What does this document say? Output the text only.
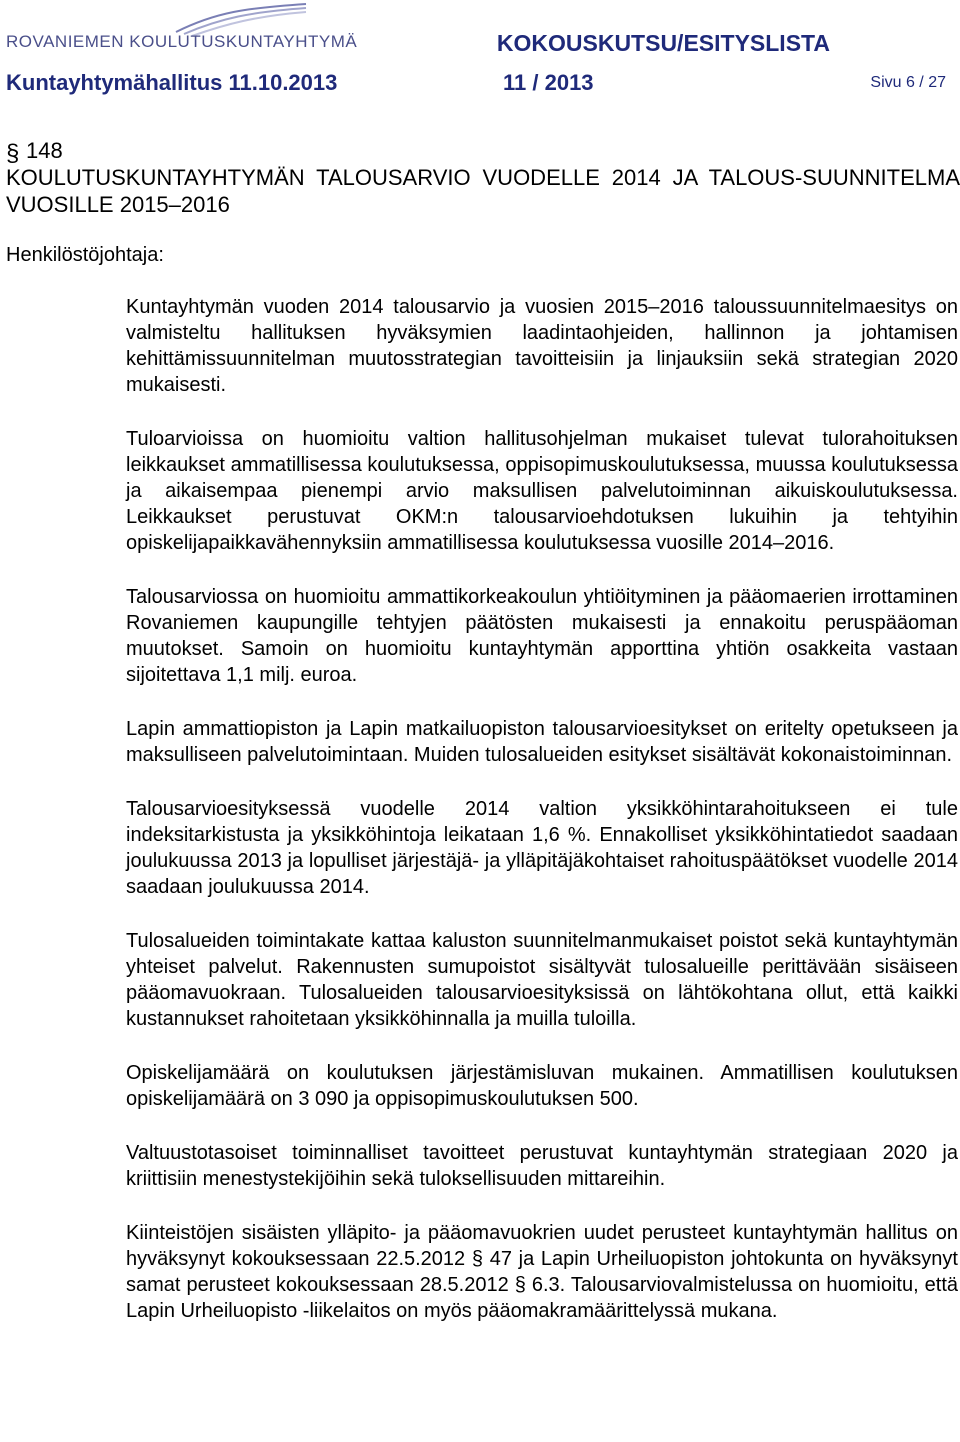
ROVANIEMEN KOULUTUSKUNTAYHTYMÄ	KOKOUSKUTSU/ESITYSLISTA
Kuntayhtymähallitus 11.10.2013	11 / 2013	Sivu 6 / 27
§ 148
KOULUTUSKUNTAYHTYMÄN TALOUSARVIO VUODELLE 2014 JA TALOUS-SUUNNITELMA VUOSILLE 2015–2016
Henkilöstöjohtaja:

Kuntayhtymän vuoden 2014 talousarvio ja vuosien 2015–2016 taloussuunnitelmaesitys on valmisteltu hallituksen hyväksymien laadintaohjeiden, hallinnon ja johtamisen kehittämissuunnitelman muutosstrategian tavoitteisiin ja linjauksiin sekä strategian 2020 mukaisesti.

Tuloarvioissa on huomioitu valtion hallitusohjelman mukaiset tulevat tulorahoituksen leikkaukset ammatillisessa koulutuksessa, oppisopimuskoulutuksessa, muussa koulutuksessa ja aikaisempaa pienempi arvio maksullisen palvelutoiminnan aikuiskoulutuksessa. Leikkaukset perustuvat OKM:n talousarvioehdotuksen lukuihin ja tehtyihin opiskelijapaikkavähennyksiin ammatillisessa koulutuksessa vuosille 2014–2016.

Talousarviossa on huomioitu ammattikorkeakoulun yhtiöityminen ja pääomaerien irrottaminen Rovaniemen kaupungille tehtyjen päätösten mukaisesti ja ennakoitu peruspääoman muutokset. Samoin on huomioitu kuntayhtymän apporttina yhtiön osakkeita vastaan sijoitettava 1,1 milj. euroa.

Lapin ammattiopiston ja Lapin matkailuopiston talousarvioesitykset on eritelty opetukseen ja maksulliseen palvelutoimintaan. Muiden tulosalueiden esitykset sisältävät kokonaistoiminnan.

Talousarvioesityksessä vuodelle 2014 valtion yksikköhintarahoitukseen ei tule indeksitarkistusta ja yksikköhintoja leikataan 1,6 %. Ennakolliset yksikköhintatiedot saadaan joulukuussa 2013 ja lopulliset järjestäjä- ja ylläpitäjäkohtaiset rahoituspäätökset vuodelle 2014 saadaan joulukuussa 2014.

Tulosalueiden toimintakate kattaa kaluston suunnitelmanmukaiset poistot sekä kuntayhtymän yhteiset palvelut. Rakennusten sumupoistot sisältyvät tulosalueille perittävään sisäiseen pääomavuokraan. Tulosalueiden talousarvioesityksissä on lähtökohtana ollut, että kaikki kustannukset rahoitetaan yksikköhinnalla ja muilla tuloilla.

Opiskelijamäärä on koulutuksen järjestämisluvan mukainen. Ammatillisen koulutuksen opiskelijamäärä on 3 090 ja oppisopimuskoulutuksen 500.

Valtuustotasoiset toiminnalliset tavoitteet perustuvat kuntayhtymän strategiaan 2020 ja kriittisiin menestystekijöihin sekä tuloksellisuuden mittareihin.

Kiinteistöjen sisäisten ylläpito- ja pääomavuokrien uudet perusteet kuntayhtymän hallitus on hyväksynyt kokouksessaan 22.5.2012 § 47 ja Lapin Urheiluopiston johtokunta on hyväksynyt samat perusteet kokouksessaan 28.5.2012 § 6.3. Talousarviovalmistelussa on huomioitu, että Lapin Urheiluopisto -liikelaitos on myös pääomakramäärittelyssä mukana.
